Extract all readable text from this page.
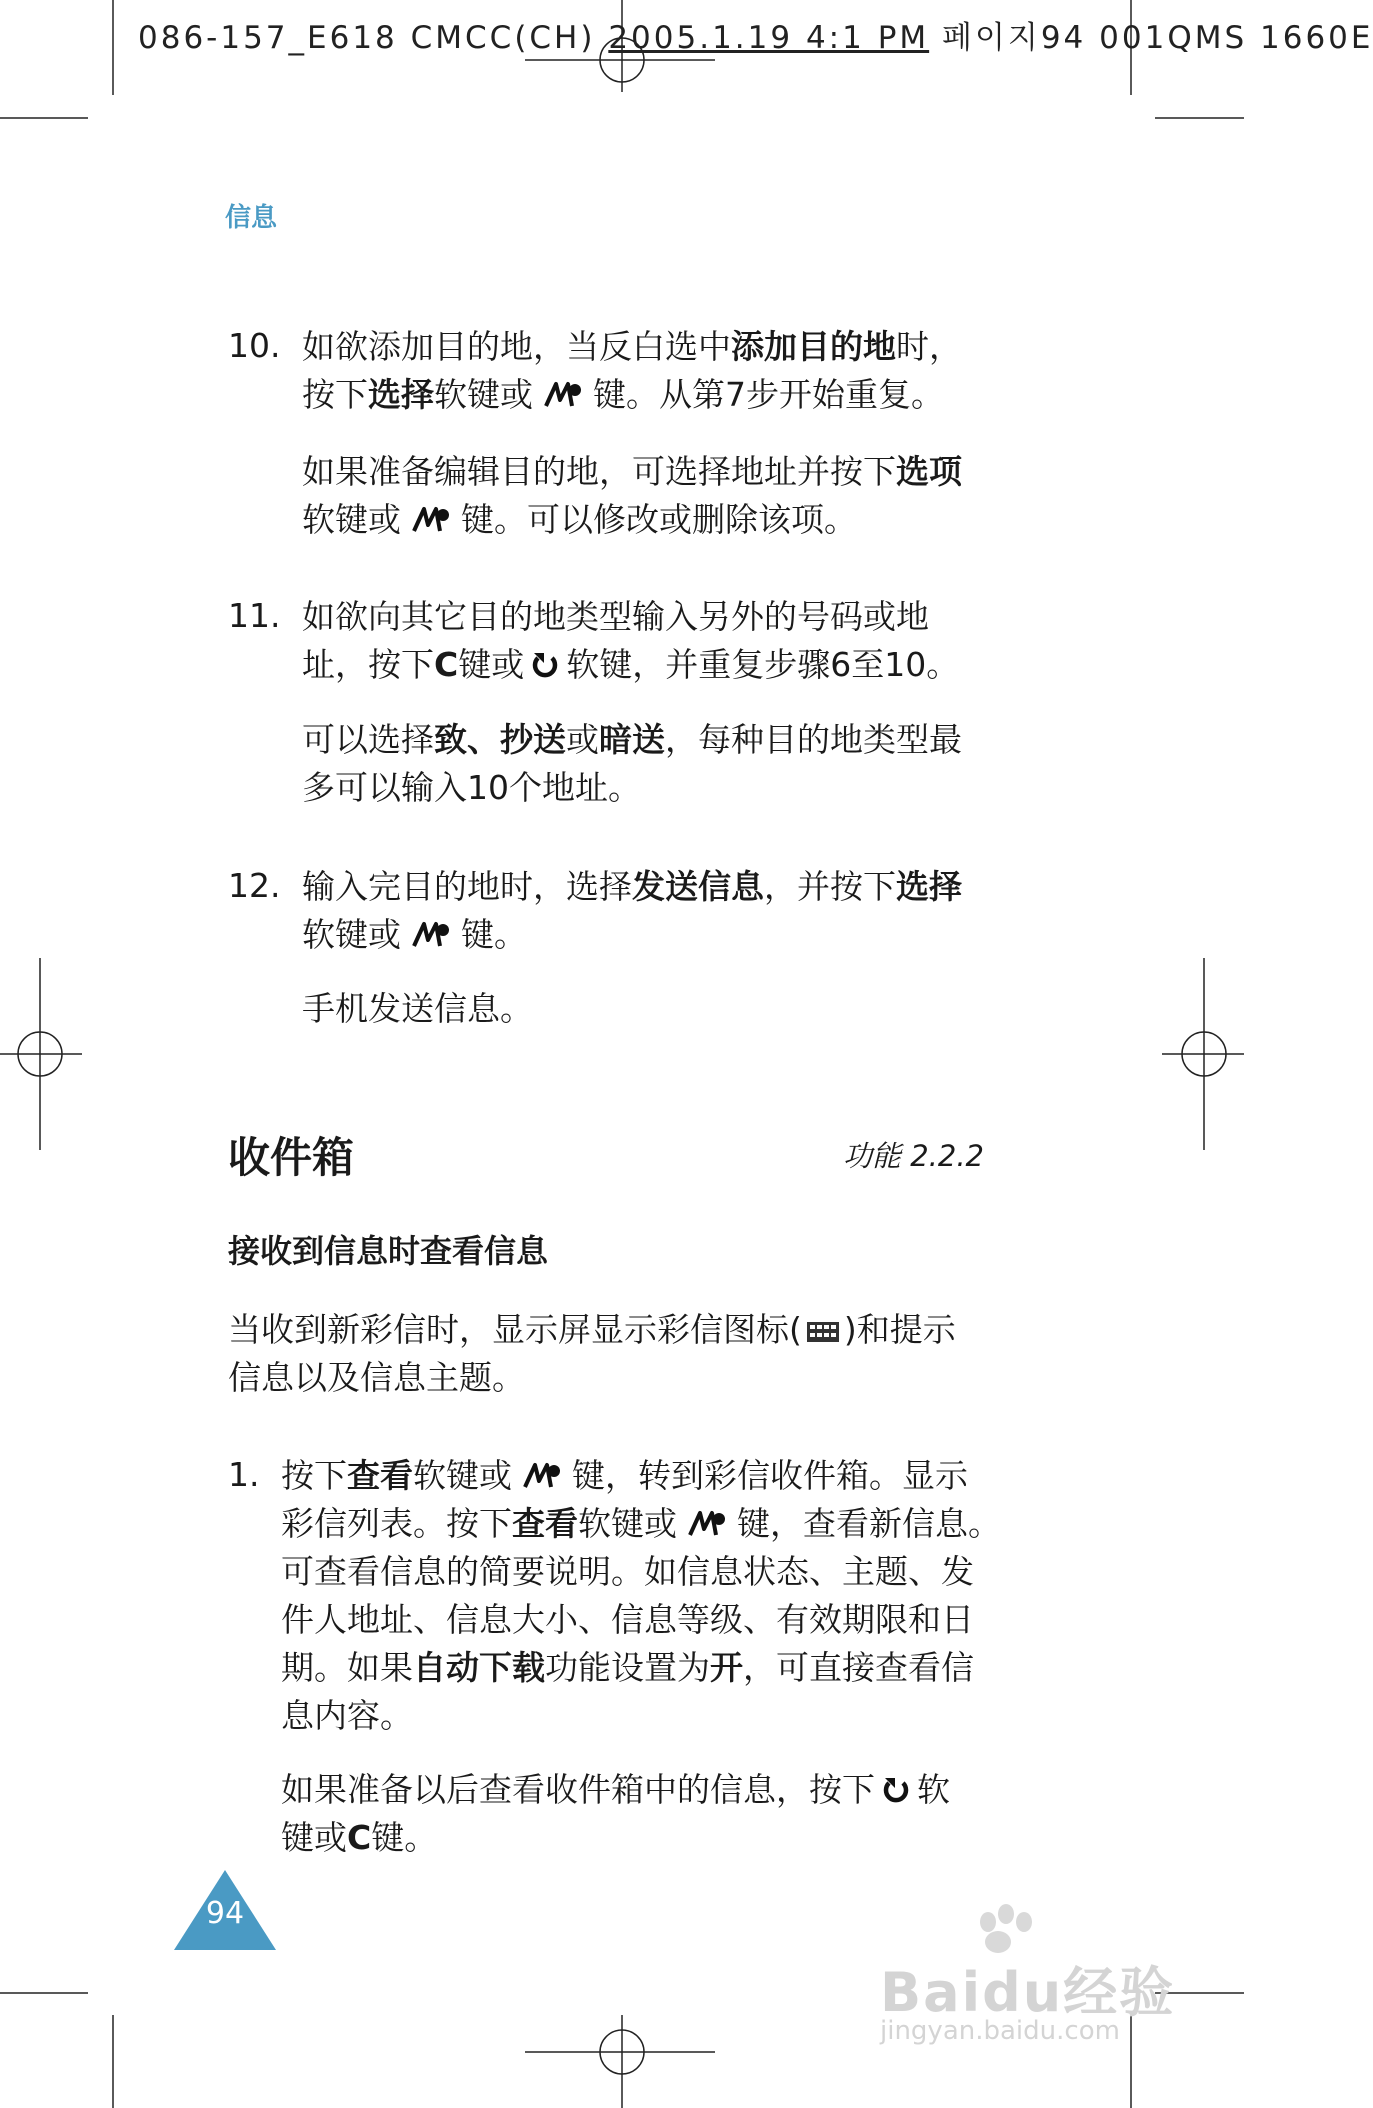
086-157_E618 CMCC(CH) 2005.1.19 4:1 PM 페이지94 001QMS 1660E
信息
10. 如欲添加目的地，当反白选中添加目的地时，
按下选择软键或 键。从第7步开始重复。
如果准备编辑目的地，可选择地址并按下选项
软键或 键。可以修改或删除该项。
11. 如欲向其它目的地类型输入另外的号码或地
址，按下C键或 软键，并重复步骤6至10。
可以选择致、抄送或暗送，每种目的地类型最
多可以输入10个地址。
12. 输入完目的地时，选择发送信息，并按下选择
软键或 键。
手机发送信息。
收件箱	功能 2.2.2
接收到信息时查看信息
当收到新彩信时，显示屏显示彩信图标( )和提示
信息以及信息主题。
1. 按下查看软键或 键，转到彩信收件箱。显示
彩信列表。按下查看软键或 键，查看新信息。
可查看信息的简要说明。如信息状态、主题、发
件人地址、信息大小、信息等级、有效期限和日
期。如果自动下载功能设置为开，可直接查看信
息内容。
如果准备以后查看收件箱中的信息，按下 软
键或C键。
94
Baidu经验
jingyan.baidu.com
